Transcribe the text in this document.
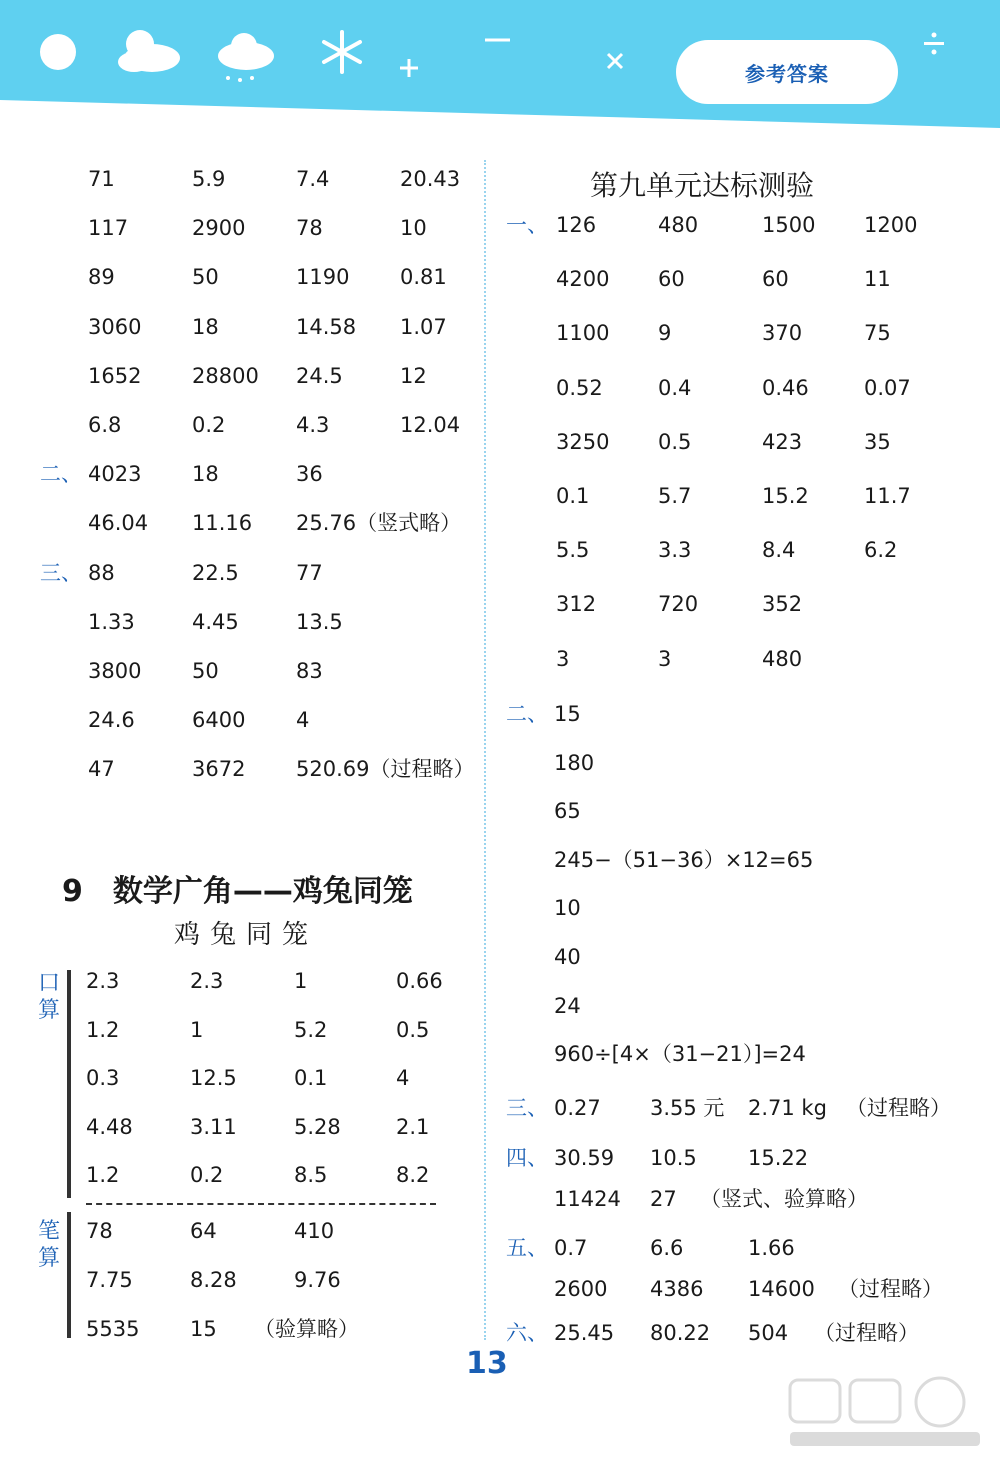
参考答案
71	5.9	7.4	20.43
117	2900 78	10
89	50	1190 0.81
3060 18	14.58 1.07
1652 28800 24.5	12
6.8	0.2	4.3	12.04
二、 4023 18	36
46.04 11.16 25.76（竖式略）
三、 88	22.5	77
1.33	4.45	13.5
3800 50	83
24.6	6400 4
47	3672 520.69（过程略）
9　数学广角——鸡兔同笼
鸡兔同笼
口算
2.3	2.3	1	0.66
1.2	1	5.2	0.5
0.3	12.5	0.1	4
4.48	3.11	5.28	2.1
1.2	0.2	8.5	8.2
笔算
78	64	410
7.75	8.28	9.76
5535 15 （验算略）
第九单元达标测验
一、 126	480	1500 1200
4200 60	60	11
1100 9	370	75
0.52	0.4	0.46	0.07
3250 0.5	423	35
0.1	5.7	15.2	11.7
5.5	3.3	8.4	6.2
312	720	352
3	3	480
二、 15
180
65
245−（51−36）×12=65
10
40
24
960÷[4×（31−21）]=24
三、 0.27 3.55 元 2.71 kg （过程略）
四、 30.59 10.5 15.22
11424 27 （竖式、验算略）
五、 0.7	6.6	1.66
2600 4386 14600 （过程略）
六、 25.45 80.22 504 （过程略）
13
